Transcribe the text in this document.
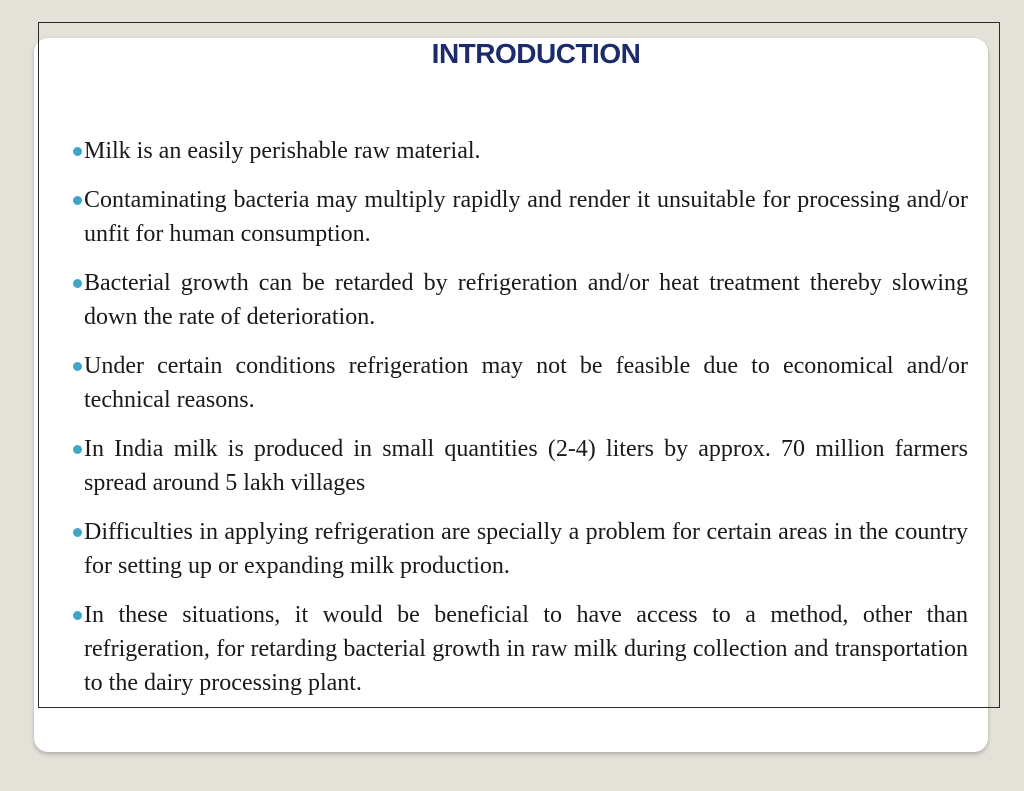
INTRODUCTION
Milk is an easily perishable raw material.
Contaminating bacteria may multiply rapidly and render it unsuitable for processing and/or unfit for human consumption.
Bacterial growth can be retarded by refrigeration and/or heat treatment thereby slowing down the rate of deterioration.
Under certain conditions refrigeration may not be feasible due to economical and/or technical reasons.
In India milk is produced in small quantities (2-4) liters by approx. 70 million farmers spread around 5 lakh villages
Difficulties in applying refrigeration are specially a problem for certain areas in the country for setting up or expanding milk production.
In these situations, it would be beneficial to have access to a method, other than refrigeration, for retarding bacterial growth in raw milk during collection and transportation to the dairy processing plant.
